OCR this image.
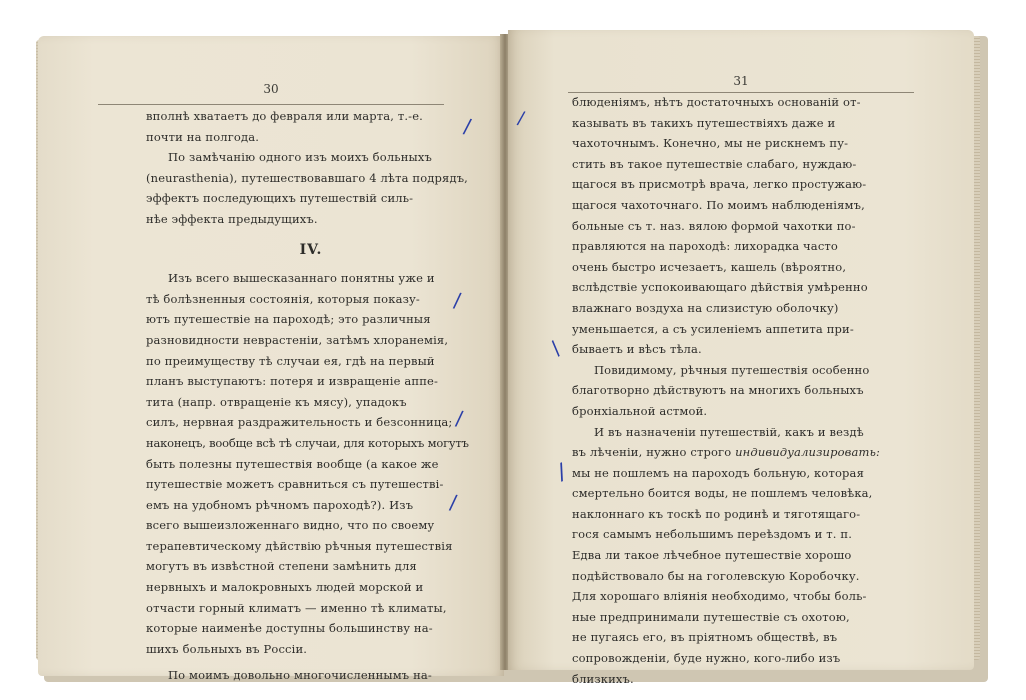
30
вполнѣ хватаетъ до февраля или марта, т.-е.
почти на полгода.
По замѣчанію одного изъ моихъ больныхъ
(neurasthenia), путешествовавшаго 4 лѣта подрядъ, эффектъ последующихъ путешествiй силь-
нѣе эффекта предыдущихъ.
IV.
Изъ всего вышесказаннаго понятны уже и
тѣ болѣзненныя состоянія, которыя показу-
ютъ путешествіе на пароходѣ; это различныя
разновидности неврастеніи, затѣмъ хлоранемія,
по преимуществу тѣ случаи ея, гдѣ на первый
планъ выступаютъ: потеря и извращеніе аппе-
тита (напр. отвращеніе къ мясу), упадокъ
силъ, нервная раздражительность и безсонница;
наконецъ, вообще всѣ тѣ случаи, для которыхъ могутъ
быть полезны путешествія вообще (а какое же
путешествіе можетъ сравниться съ путешестві-
емъ на удобномъ рѣчномъ пароходѣ?). Изъ
всего вышеизложеннаго видно, что по своему
терапевтическому дѣйствію рѣчныя путешествія
могутъ въ извѣстной степени замѣнить для
нервныхъ и малокровныхъ людей морской и
отчасти горный климатъ — именно тѣ климаты,
которые наименѣе доступны большинству на-
шихъ больныхъ въ Россіи.
По моимъ довольно многочисленнымъ на-
/
/
/
/
31
блюденіямъ, нѣтъ достаточныхъ основаній от-
казывать въ такихъ путешествіяхъ даже и
чахоточнымъ. Конечно, мы не рискнемъ пу-
стить въ такое путешествіе слабаго, нуждаю-
щагося въ присмотрѣ врача, легко простужаю-
щагося чахоточнаго. По моимъ наблюденіямъ,
больные съ т. наз. вялою формой чахотки по-
правляются на пароходѣ: лихорадка часто
очень быстро исчезаетъ, кашель (вѣроятно,
вслѣдствіе успокоивающаго дѣйствія умѣренно
влажнаго воздуха на слизистую оболочку)
уменьшается, а съ усиленіемъ аппетита при-
бываетъ и вѣсъ тѣла.
Повидимому, рѣчныя путешествія особенно
благотворно дѣйствуютъ на многихъ больныхъ
бронхіальной астмой.
И въ назначеніи путешествій, какъ и вездѣ
въ лѣченіи, нужно строго индивидуализировать:
мы не пошлемъ на пароходъ больную, которая
смертельно боится воды, не пошлемъ человѣка,
наклоннаго къ тоскѣ по родинѣ и тяготящаго-
гося самымъ небольшимъ переѣздомъ и т. п.
Едва ли такое лѣчебное путешествіе хорошо
подѣйствовало бы на гоголевскую Коробочку.
Для хорошаго вліянія необходимо, чтобы боль-
ные предпринимали путешествіе съ охотою,
не пугаясь его, въ пріятномъ обществѣ, въ
сопровожденіи, буде нужно, кого-либо изъ
близкихъ.
/
/
/
